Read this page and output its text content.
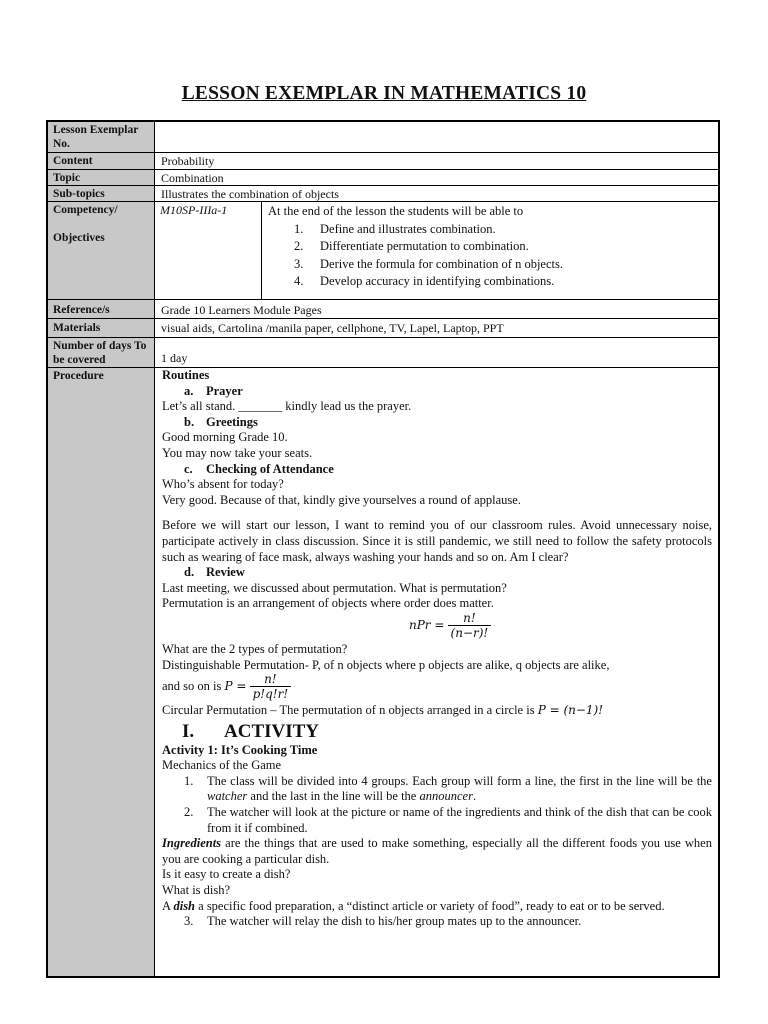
LESSON EXEMPLAR IN MATHEMATICS 10
Lesson Exemplar No.
Content	Probability
Topic	Combination
Sub-topics	Illustrates the combination of objects
Competency/
Objectives
M10SP-IIIa-1	At the end of the lesson the students will be able to
1. Define and illustrates combination.
2. Differentiate permutation to combination.
3. Derive the formula for combination of n objects.
4. Develop accuracy in identifying combinations.
Reference/s	Grade 10 Learners Module Pages
Materials	visual aids, Cartolina /manila paper, cellphone, TV, Lapel, Laptop, PPT
Number of days To be covered	1 day
Procedure	Routines

a. Prayer

Let’s all stand. _______ kindly lead us the prayer.

b. Greetings

Good morning Grade 10.

You may now take your seats.

c. Checking of Attendance

Who’s absent for today?

Very good. Because of that, kindly give yourselves a round of applause.

Before we will start our lesson, I want to remind you of our classroom rules. Avoid unnecessary noise, participate actively in class discussion. Since it is still pandemic, we still need to follow the safety protocols such as wearing of face mask, always washing your hands and so on. Am I clear?

d. Review

Last meeting, we discussed about permutation. What is permutation?

Permutation is an arrangement of objects where order does matter.

nPr = $\frac{n!}{(n-r)!}$

What are the 2 types of permutation?

Distinguishable Permutation- P, of n objects where p objects are alike, q objects are alike,

and so on is $P = \frac{n!}{p!q!r!}$

Circular Permutation – The permutation of n objects arranged in a circle is P = (n−1)!

I. ACTIVITY

Activity 1: It’s Cooking Time

Mechanics of the Game

1. The class will be divided into 4 groups. Each group will form a line, the first in the line will be the watcher and the last in the line will be the announcer.
2. The watcher will look at the picture or name of the ingredients and think of the dish that can be cook from it if combined.

Ingredients are the things that are used to make something, especially all the different foods you use when you are cooking a particular dish.

Is it easy to create a dish?

What is dish?

A dish a specific food preparation, a “distinct article or variety of food”, ready to eat or to be served.

3. The watcher will relay the dish to his/her group mates up to the announcer.
